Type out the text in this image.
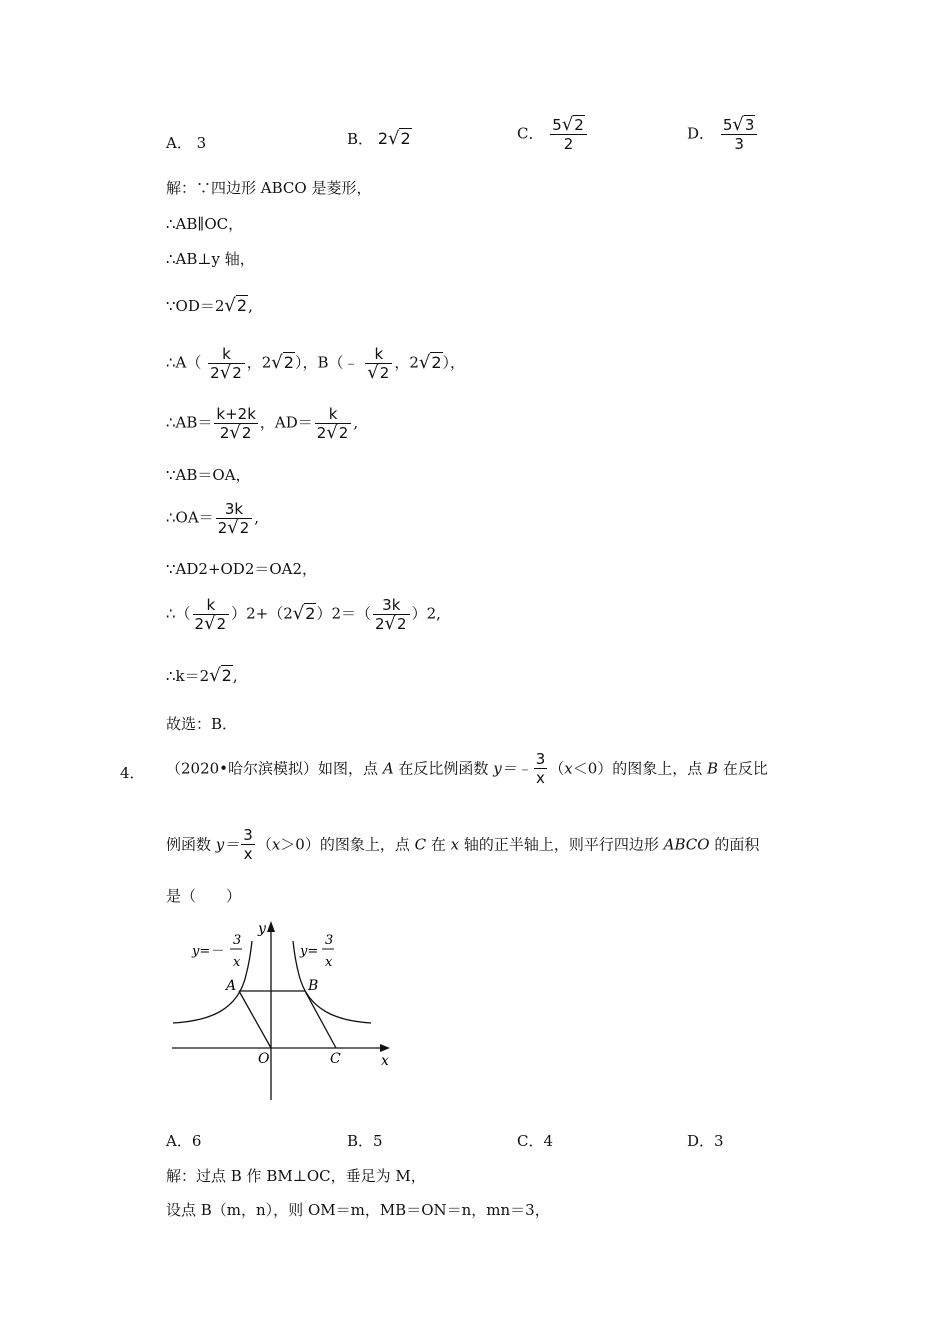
A． 3	B． 2√2	C． $\frac{5√2}{2}$	D． $\frac{5√3}{3}$
解：∵四边形 ABCO 是菱形，
∴AB∥OC，
∴AB⊥y 轴，
∵OD＝2√2,
∴A（ $\frac{k}{2√2}$ ，2√2），B（﹣ $\frac{k}{√2}$ ，2√2），
∴AB＝ $\frac{k+2k}{2√2}$ ，$AD= \frac{k}{2√2}$ ,
∵AB＝OA，
∴OA＝ $\frac{3k}{2√2}$ ,
∵AD2+OD2＝OA2，
∴（ $\frac{k}{2√2} )2+(2√2)2=( \frac{3k}{2√2} )2$,
∴k＝2√2,
故选：B．
4． （2020•哈尔滨模拟）如图，点 A 在反比例函数 y＝﹣ $\frac{3}{x} (x<0)$的图象上，点 B 在反比
例函数 $y= \frac{3}{x} (x>0)$的图象上，点 C 在 x 轴的正半轴上，则平行四边形 ABCO 的面积
是（　　）
y
x
y=－
3
x
y=
3
x
A	B
O	C
A．6	B．5	C．4	D．3
解：过点 B 作 BM⊥OC，垂足为 M，
设点 B（m，n），则 OM＝m，MB＝ON＝n，mn＝3，
